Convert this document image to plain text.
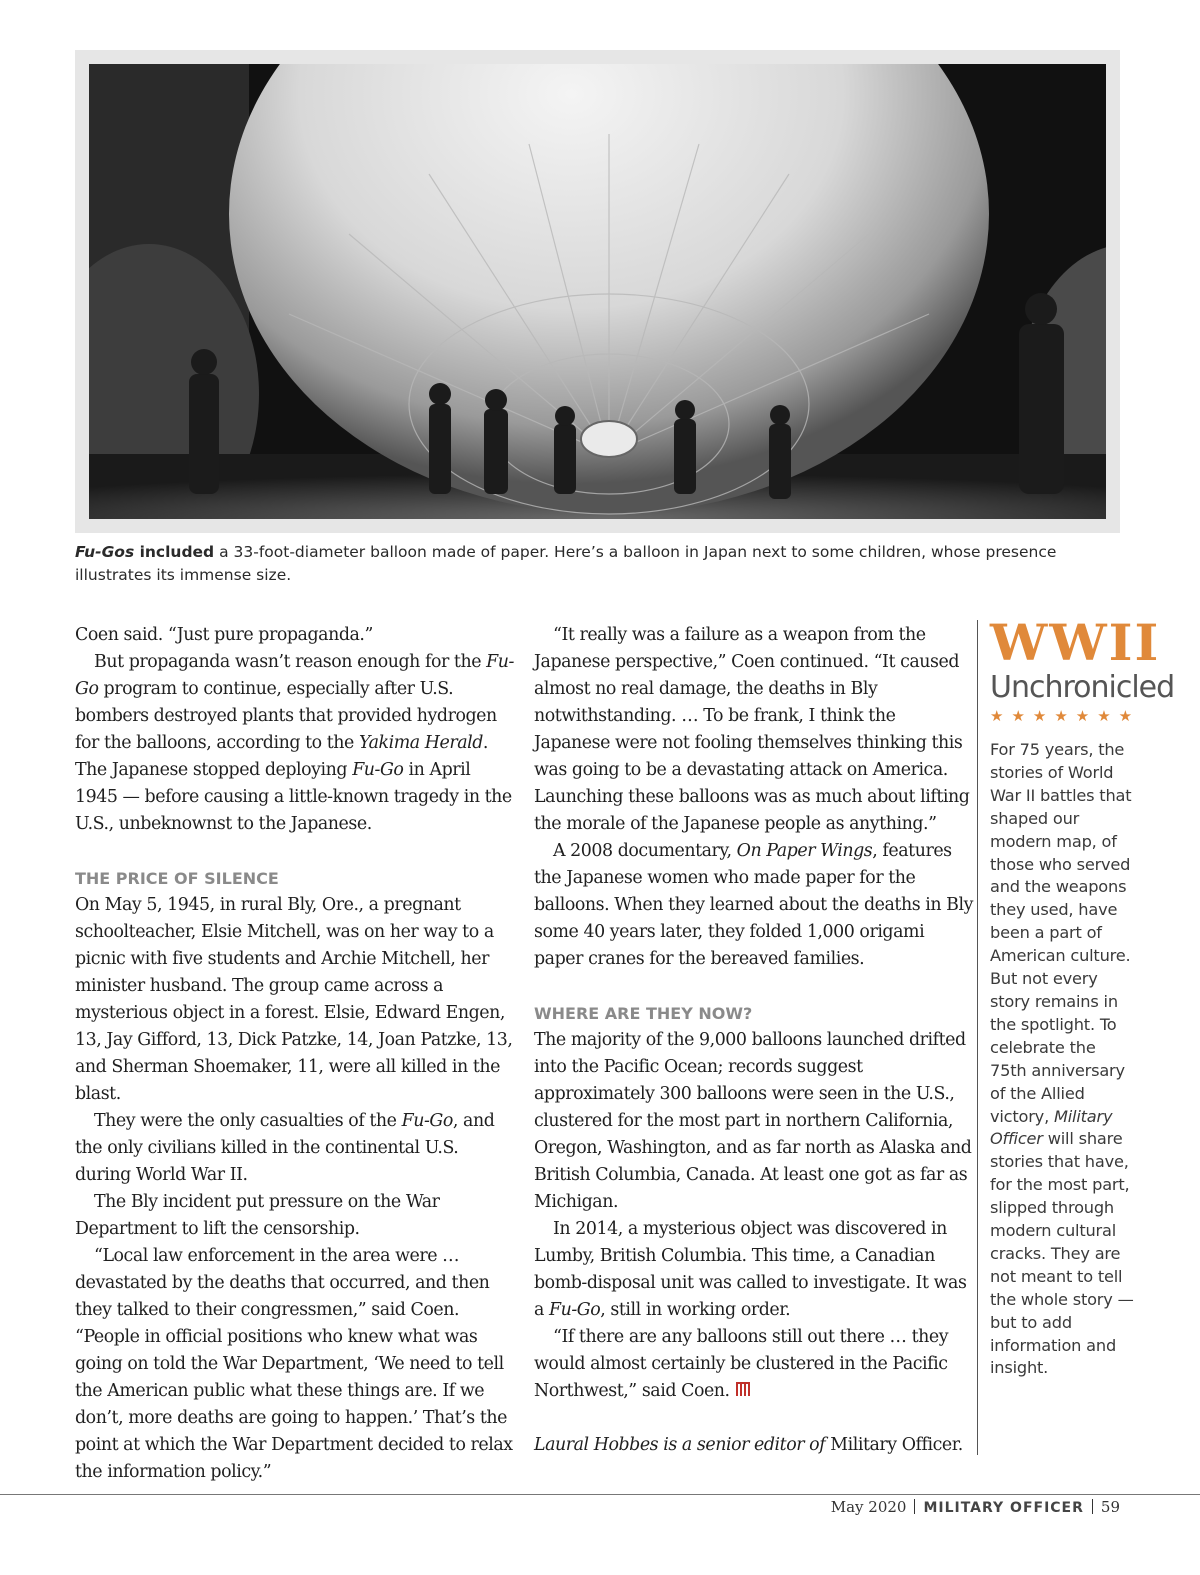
Fu-Gos included a 33-foot-diameter balloon made of paper. Here’s a balloon in Japan next to some children, whose presence illustrates its immense size.

Coen said. “Just pure propaganda.”

But propaganda wasn’t reason enough for the Fu-Go program to continue, especially after U.S. bombers destroyed plants that provided hydrogen for the balloons, according to the Yakima Herald. The Japanese stopped deploying Fu-Go in April 1945 — before causing a little-known tragedy in the U.S., unbeknownst to the Japanese.

THE PRICE OF SILENCE

On May 5, 1945, in rural Bly, Ore., a pregnant schoolteacher, Elsie Mitchell, was on her way to a picnic with five students and Archie Mitchell, her minister husband. The group came across a mysterious object in a forest. Elsie, Edward Engen, 13, Jay Gifford, 13, Dick Patzke, 14, Joan Patzke, 13, and Sherman Shoemaker, 11, were all killed in the blast.

They were the only casualties of the Fu-Go, and the only civilians killed in the continental U.S. during World War II.

The Bly incident put pressure on the War Department to lift the censorship.

“Local law enforcement in the area were … devastated by the deaths that occurred, and then they talked to their congressmen,” said Coen. “People in official positions who knew what was going on told the War Department, ‘We need to tell the American public what these things are. If we don’t, more deaths are going to happen.’ That’s the point at which the War Department decided to relax the information policy.”

“It really was a failure as a weapon from the Japanese perspective,” Coen continued. “It caused almost no real damage, the deaths in Bly notwithstanding. … To be frank, I think the Japanese were not fooling themselves thinking this was going to be a devastating attack on America. Launching these balloons was as much about lifting the morale of the Japanese people as anything.”

A 2008 documentary, On Paper Wings, features the Japanese women who made paper for the balloons. When they learned about the deaths in Bly some 40 years later, they folded 1,000 origami paper cranes for the bereaved families.

WHERE ARE THEY NOW?

The majority of the 9,000 balloons launched drifted into the Pacific Ocean; records suggest approximately 300 balloons were seen in the U.S., clustered for the most part in northern California, Oregon, Washington, and as far north as Alaska and British Columbia, Canada. At least one got as far as Michigan.

In 2014, a mysterious object was discovered in Lumby, British Columbia. This time, a Canadian bomb-disposal unit was called to investigate. It was a Fu-Go, still in working order.

“If there are any balloons still out there … they would almost certainly be clustered in the Pacific Northwest,” said Coen.

Laural Hobbes is a senior editor of Military Officer.

WWII
Unchronicled
★★★★★★★
For 75 years, the stories of World War II battles that shaped our modern map, of those who served and the weapons they used, have been a part of American culture. But not every story remains in the spotlight. To celebrate the 75th anniversary of the Allied victory, Military Officer will share stories that have, for the most part, slipped through modern cultural cracks. They are not meant to tell the whole story — but to add information and insight.
May 2020 MILITARY OFFICER 59
